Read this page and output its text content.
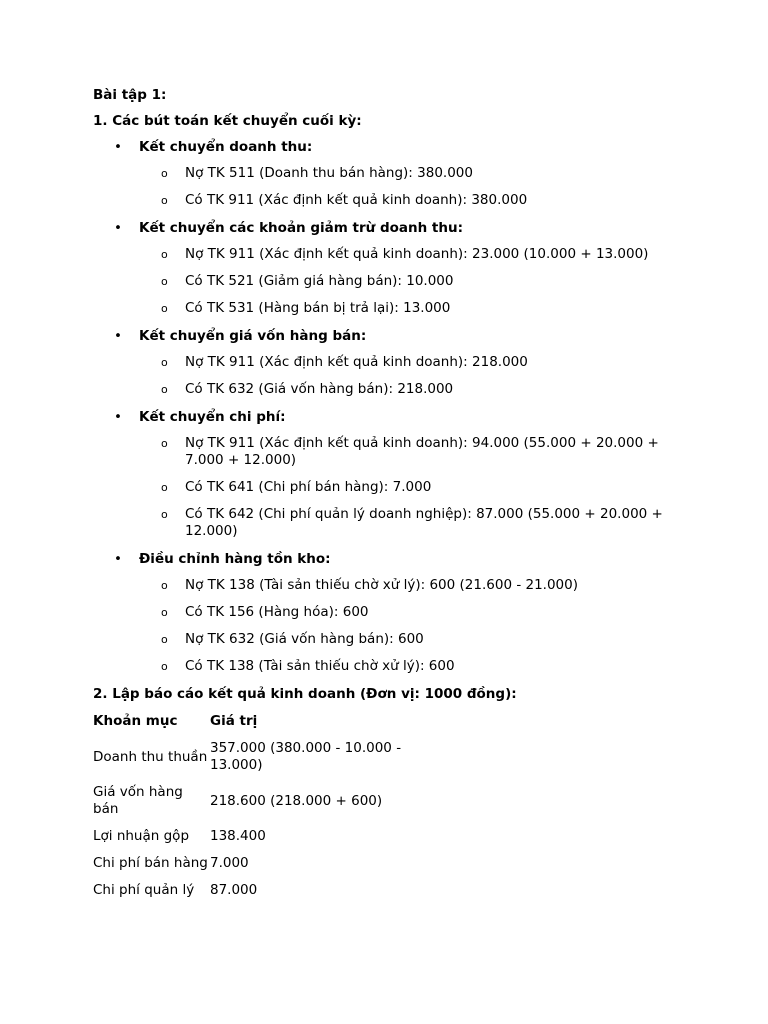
Bài tập 1:
1. Các bút toán kết chuyển cuối kỳ:
• Kết chuyển doanh thu:
o Nợ TK 511 (Doanh thu bán hàng): 380.000
o Có TK 911 (Xác định kết quả kinh doanh): 380.000
• Kết chuyển các khoản giảm trừ doanh thu:
o Nợ TK 911 (Xác định kết quả kinh doanh): 23.000 (10.000 + 13.000)
o Có TK 521 (Giảm giá hàng bán): 10.000
o Có TK 531 (Hàng bán bị trả lại): 13.000
• Kết chuyển giá vốn hàng bán:
o Nợ TK 911 (Xác định kết quả kinh doanh): 218.000
o Có TK 632 (Giá vốn hàng bán): 218.000
• Kết chuyển chi phí:
o Nợ TK 911 (Xác định kết quả kinh doanh): 94.000 (55.000 + 20.000 + 7.000 + 12.000)
o Có TK 641 (Chi phí bán hàng): 7.000
o Có TK 642 (Chi phí quản lý doanh nghiệp): 87.000 (55.000 + 20.000 + 12.000)
• Điều chỉnh hàng tồn kho:
o Nợ TK 138 (Tài sản thiếu chờ xử lý): 600 (21.600 - 21.000)
o Có TK 156 (Hàng hóa): 600
o Nợ TK 632 (Giá vốn hàng bán): 600
o Có TK 138 (Tài sản thiếu chờ xử lý): 600
2. Lập báo cáo kết quả kinh doanh (Đơn vị: 1000 đồng):
Khoản mục	Giá trị
Doanh thu thuần	357.000 (380.000 - 10.000 - 13.000)
Giá vốn hàng bán	218.600 (218.000 + 600)
Lợi nhuận gộp	138.400
Chi phí bán hàng	7.000
Chi phí quản lý	87.000
